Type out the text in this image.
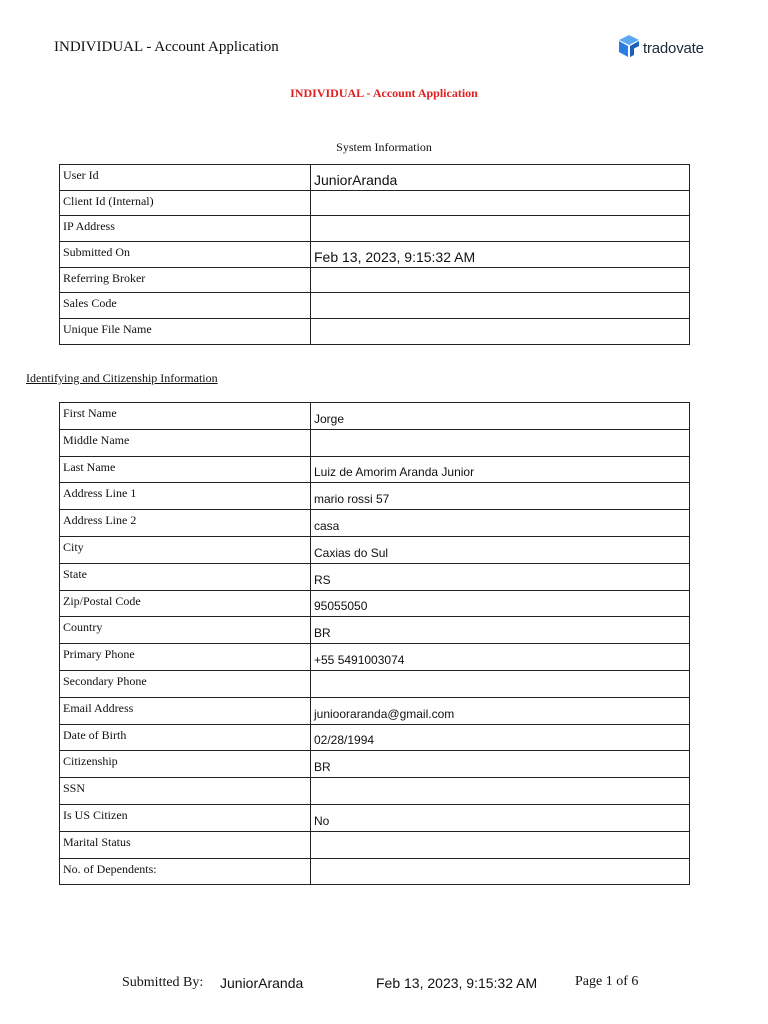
INDIVIDUAL - Account Application	tradovate
INDIVIDUAL - Account Application
System Information
User Id	JuniorAranda
Client Id (Internal)	
IP Address	
Submitted On	Feb 13, 2023, 9:15:32 AM
Referring Broker	
Sales Code	
Unique File Name	
Identifying and Citizenship Information
First Name	Jorge
Middle Name	
Last Name	Luiz de Amorim Aranda Junior
Address Line 1	mario rossi 57
Address Line 2	casa
City	Caxias do Sul
State	RS
Zip/Postal Code	95055050
Country	BR
Primary Phone	+55 5491003074
Secondary Phone	
Email Address	juniooraranda@gmail.com
Date of Birth	02/28/1994
Citizenship	BR
SSN	
Is US Citizen	No
Marital Status	
No. of Dependents:	
Submitted By: JuniorAranda	Feb 13, 2023, 9:15:32 AM	Page 1 of 6
